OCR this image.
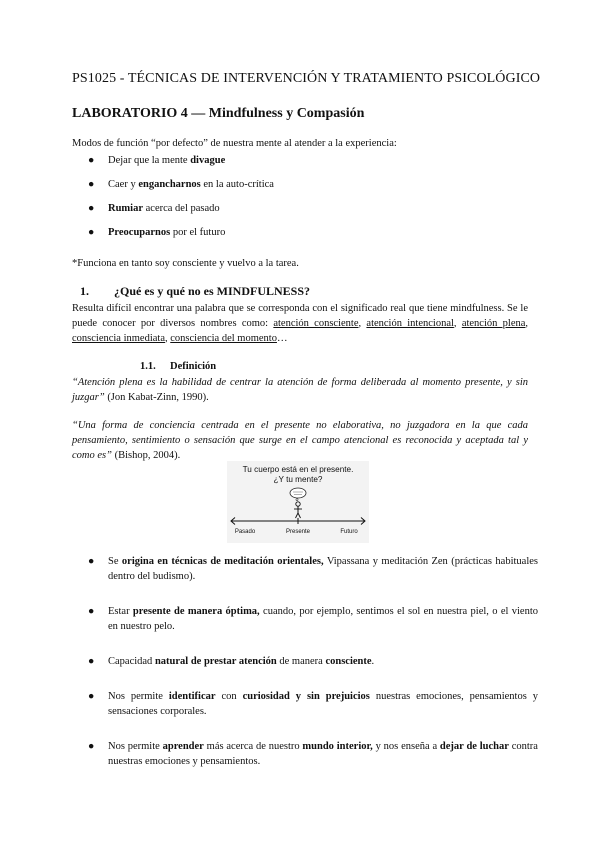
PS1025 - TÉCNICAS DE INTERVENCIÓN Y TRATAMIENTO PSICOLÓGICO
LABORATORIO 4 — Mindfulness y Compasión
Modos de función “por defecto” de nuestra mente al atender a la experiencia:
● Dejar que la mente divague
● Caer y engancharnos en la auto-crítica
● Rumiar acerca del pasado
● Preocuparnos por el futuro
*Funciona en tanto soy consciente y vuelvo a la tarea.
1. ¿Qué es y qué no es MINDFULNESS?
Resulta difícil encontrar una palabra que se corresponda con el significado real que tiene mindfulness. Se le puede conocer por diversos nombres como: atención consciente, atención intencional, atención plena, consciencia inmediata, consciencia del momento…
1.1. Definición
“Atención plena es la habilidad de centrar la atención de forma deliberada al momento presente, y sin juzgar” (Jon Kabat-Zinn, 1990).
“Una forma de conciencia centrada en el presente no elaborativa, no juzgadora en la que cada pensamiento, sentimiento o sensación que surge en el campo atencional es reconocida y aceptada tal y como es” (Bishop, 2004).
Tu cuerpo está en el presente.
¿Y tu mente?
Pasado	Presente	Futuro
● Se origina en técnicas de meditación orientales, Vipassana y meditación Zen (prácticas habituales dentro del budismo).
● Estar presente de manera óptima, cuando, por ejemplo, sentimos el sol en nuestra piel, o el viento en nuestro pelo.
● Capacidad natural de prestar atención de manera consciente.
● Nos permite identificar con curiosidad y sin prejuicios nuestras emociones, pensamientos y sensaciones corporales.
● Nos permite aprender más acerca de nuestro mundo interior, y nos enseña a dejar de luchar contra nuestras emociones y pensamientos.
